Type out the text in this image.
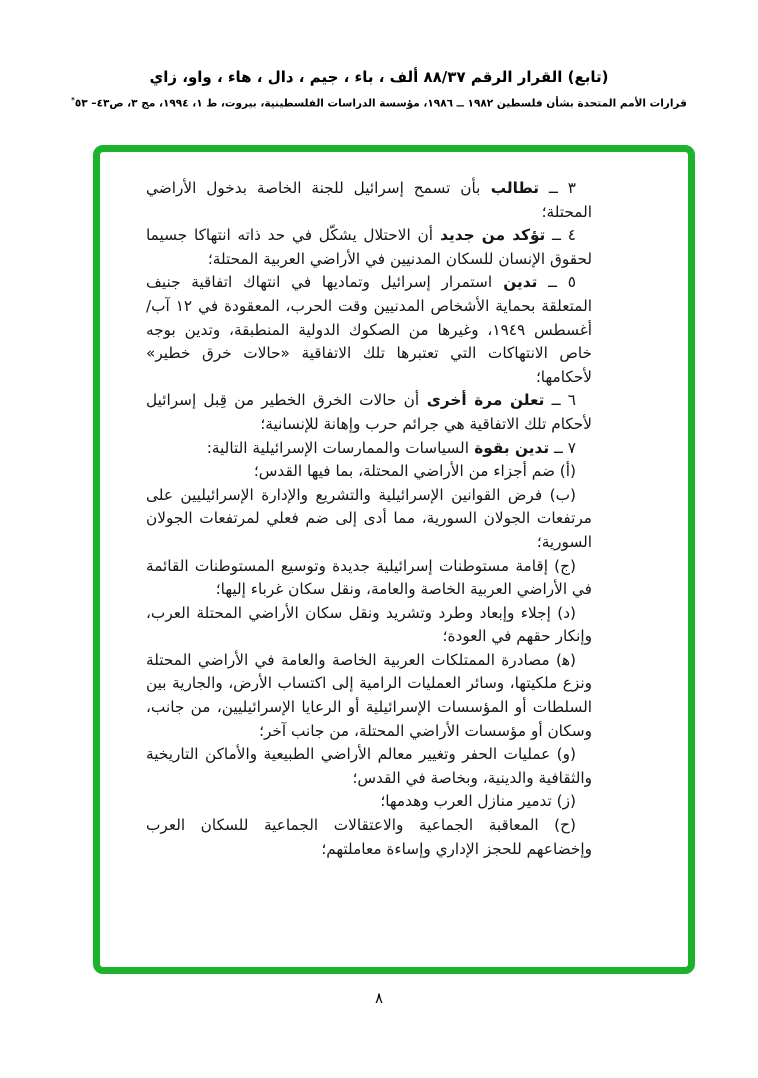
(تابع) القرار الرقم ٨٨/٣٧ ألف ، باء ، جيم ، دال ، هاء ، واو، زاي
قرارات الأمم المتحدة بشأن فلسطين ١٩٨٢ ــ ١٩٨٦، مؤسسة الدراسات الفلسطينية، بيروت، ط ١، ١٩٩٤، مج ٣، ص٤٣– ٥٣*
٣ ــ تطالب بأن تسمح إسرائيل للجنة الخاصة بدخول الأراضي المحتلة؛
٤ ــ تؤكد من جديد أن الاحتلال يشكّل في حد ذاته انتهاكا جسيما لحقوق الإنسان للسكان المدنيين في الأراضي العربية المحتلة؛
٥ ــ تدين استمرار إسرائيل وتماديها في انتهاك اتفاقية جنيف المتعلقة بحماية الأشخاص المدنيين وقت الحرب، المعقودة في ١٢ آب/أغسطس ١٩٤٩، وغيرها من الصكوك الدولية المنطبقة، وتدين بوجه خاص الانتهاكات التي تعتبرها تلك الاتفاقية «حالات خرق خطير» لأحكامها؛
٦ ــ تعلن مرة أخرى أن حالات الخرق الخطير من قِبل إسرائيل لأحكام تلك الاتفاقية هي جرائم حرب وإهانة للإنسانية؛
٧ ــ تدين بقوة السياسات والممارسات الإسرائيلية التالية:
(أ) ضم أجزاء من الأراضي المحتلة، بما فيها القدس؛
(ب) فرض القوانين الإسرائيلية والتشريع والإدارة الإسرائيليين على مرتفعات الجولان السورية، مما أدى إلى ضم فعلي لمرتفعات الجولان السورية؛
(ج) إقامة مستوطنات إسرائيلية جديدة وتوسيع المستوطنات القائمة في الأراضي العربية الخاصة والعامة، ونقل سكان غرباء إليها؛
(د) إجلاء وإبعاد وطرد وتشريد ونقل سكان الأراضي المحتلة العرب، وإنكار حقهم في العودة؛
(ﻫ) مصادرة الممتلكات العربية الخاصة والعامة في الأراضي المحتلة ونزع ملكيتها، وسائر العمليات الرامية إلى اكتساب الأرض، والجارية بين السلطات أو المؤسسات الإسرائيلية أو الرعايا الإسرائيليين، من جانب، وسكان أو مؤسسات الأراضي المحتلة، من جانب آخر؛
(و) عمليات الحفر وتغيير معالم الأراضي الطبيعية والأماكن التاريخية والثقافية والدينية، وبخاصة في القدس؛
(ز) تدمير منازل العرب وهدمها؛
(ح) المعاقبة الجماعية والاعتقالات الجماعية للسكان العرب وإخضاعهم للحجز الإداري وإساءة معاملتهم؛
٨
